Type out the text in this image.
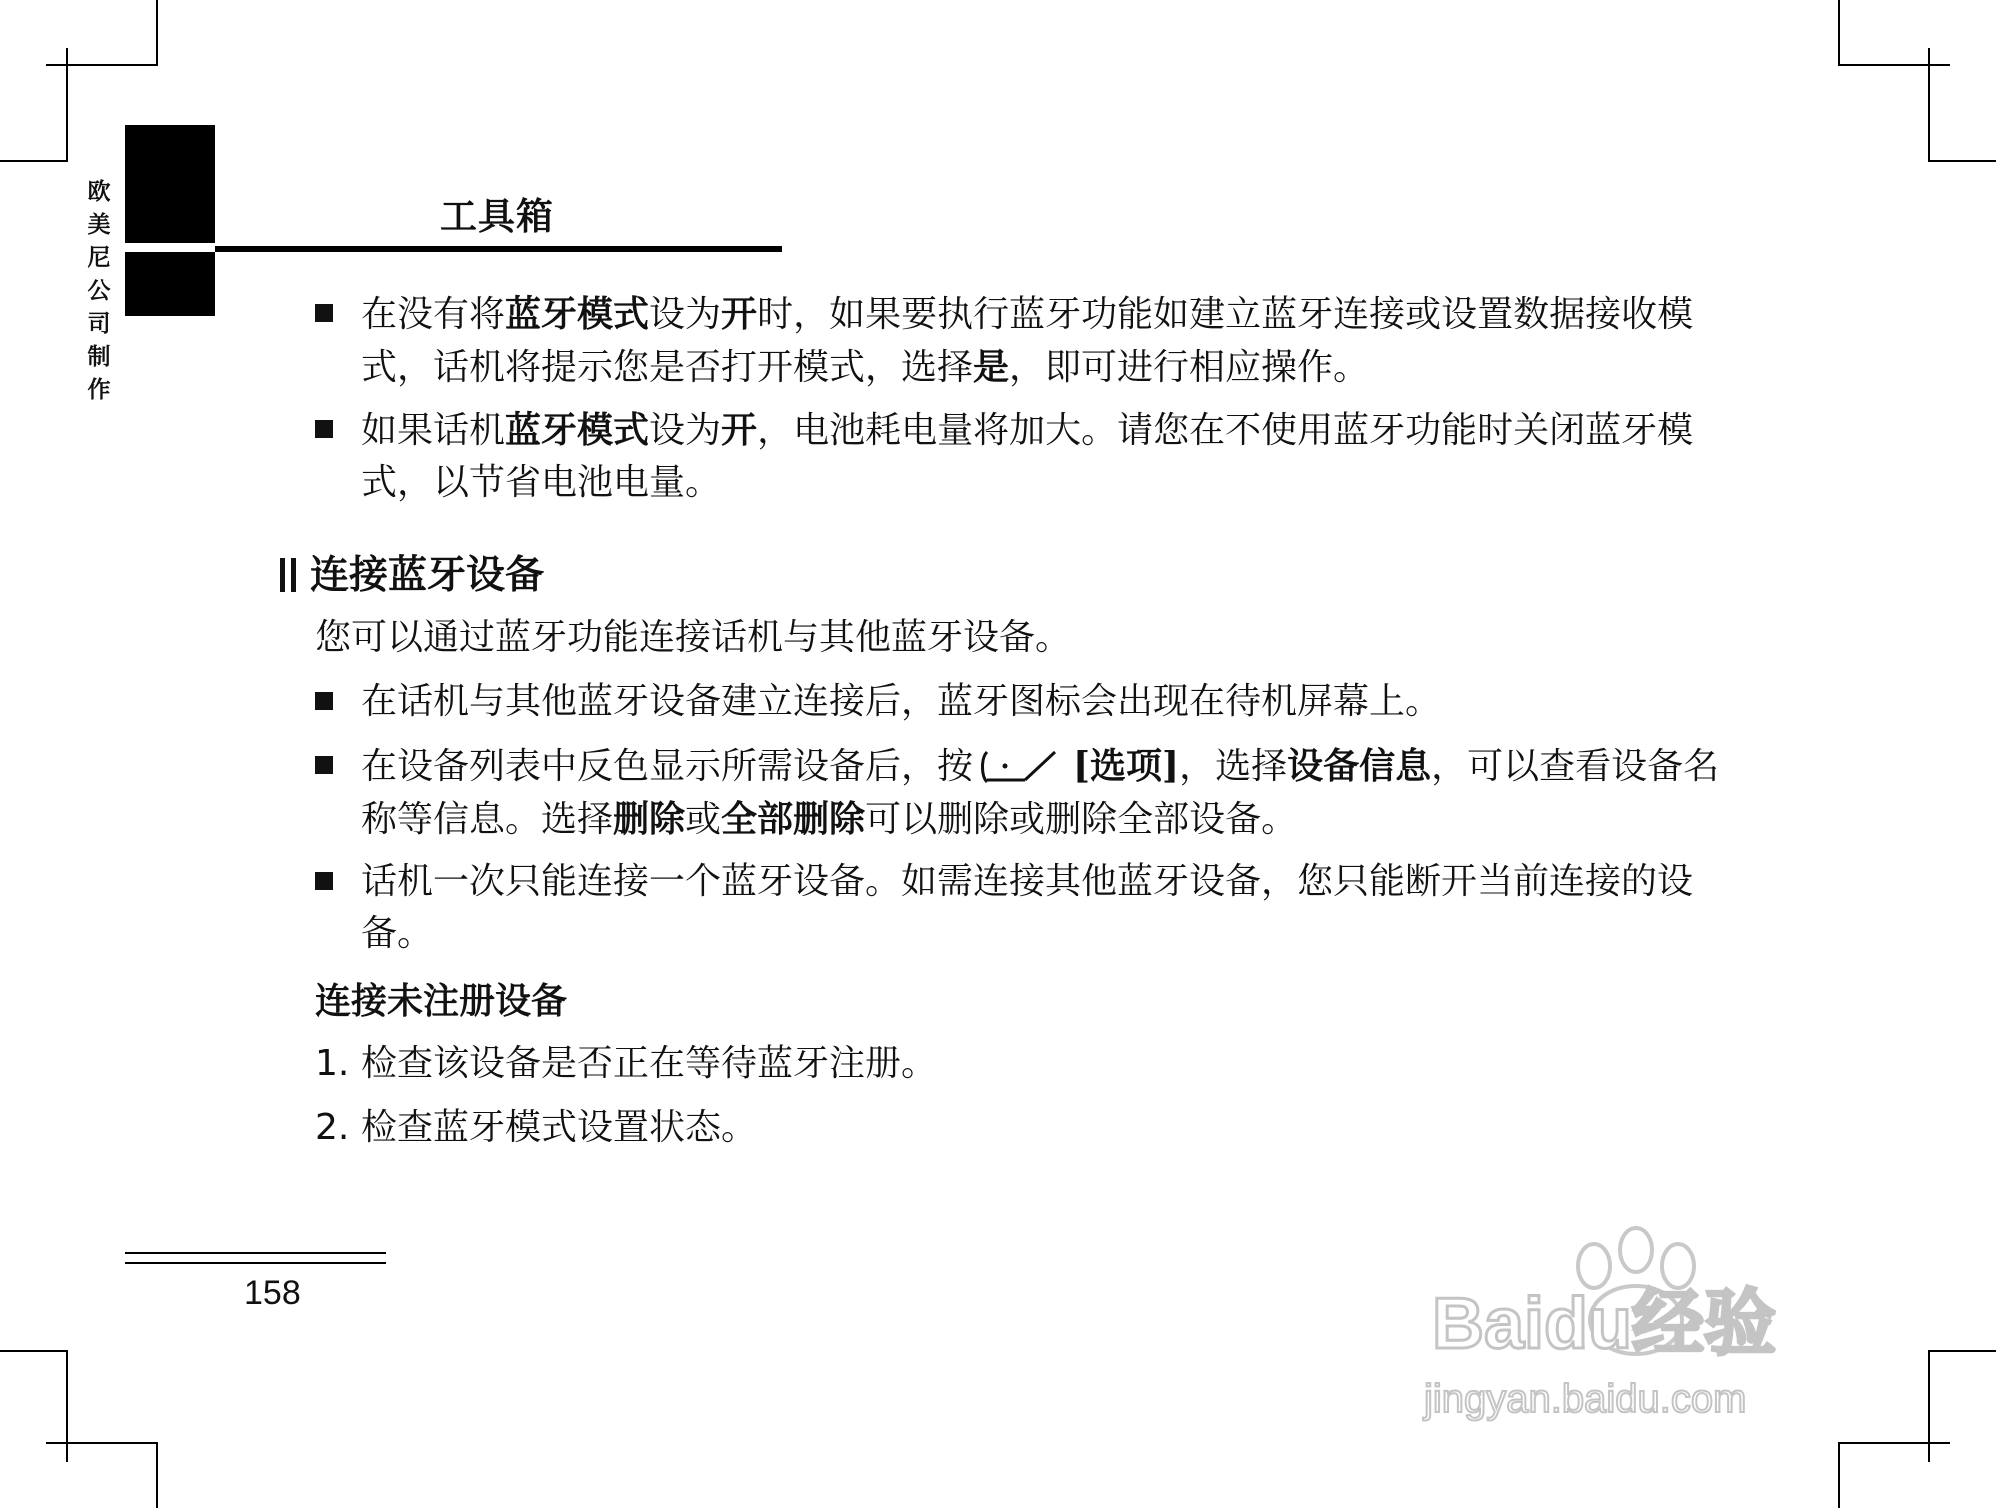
欧
美
尼
公
司
制
作
工具箱
在没有将蓝牙模式设为开时，如果要执行蓝牙功能如建立蓝牙连接或设置数据接收模式，话机将提示您是否打开模式，选择是，即可进行相应操作。
如果话机蓝牙模式设为开，电池耗电量将加大。请您在不使用蓝牙功能时关闭蓝牙模式，以节省电池电量。
连接蓝牙设备
您可以通过蓝牙功能连接话机与其他蓝牙设备。
在话机与其他蓝牙设备建立连接后，蓝牙图标会出现在待机屏幕上。
在设备列表中反色显示所需设备后，按	[选项]，选择设备信息，可以查看设备名称等信息。选择删除或全部删除可以删除或删除全部设备。
话机一次只能连接一个蓝牙设备。如需连接其他蓝牙设备，您只能断开当前连接的设备。
连接未注册设备
1. 检查该设备是否正在等待蓝牙注册。
2. 检查蓝牙模式设置状态。
158	Baidu经验
jingyan.baidu.com
